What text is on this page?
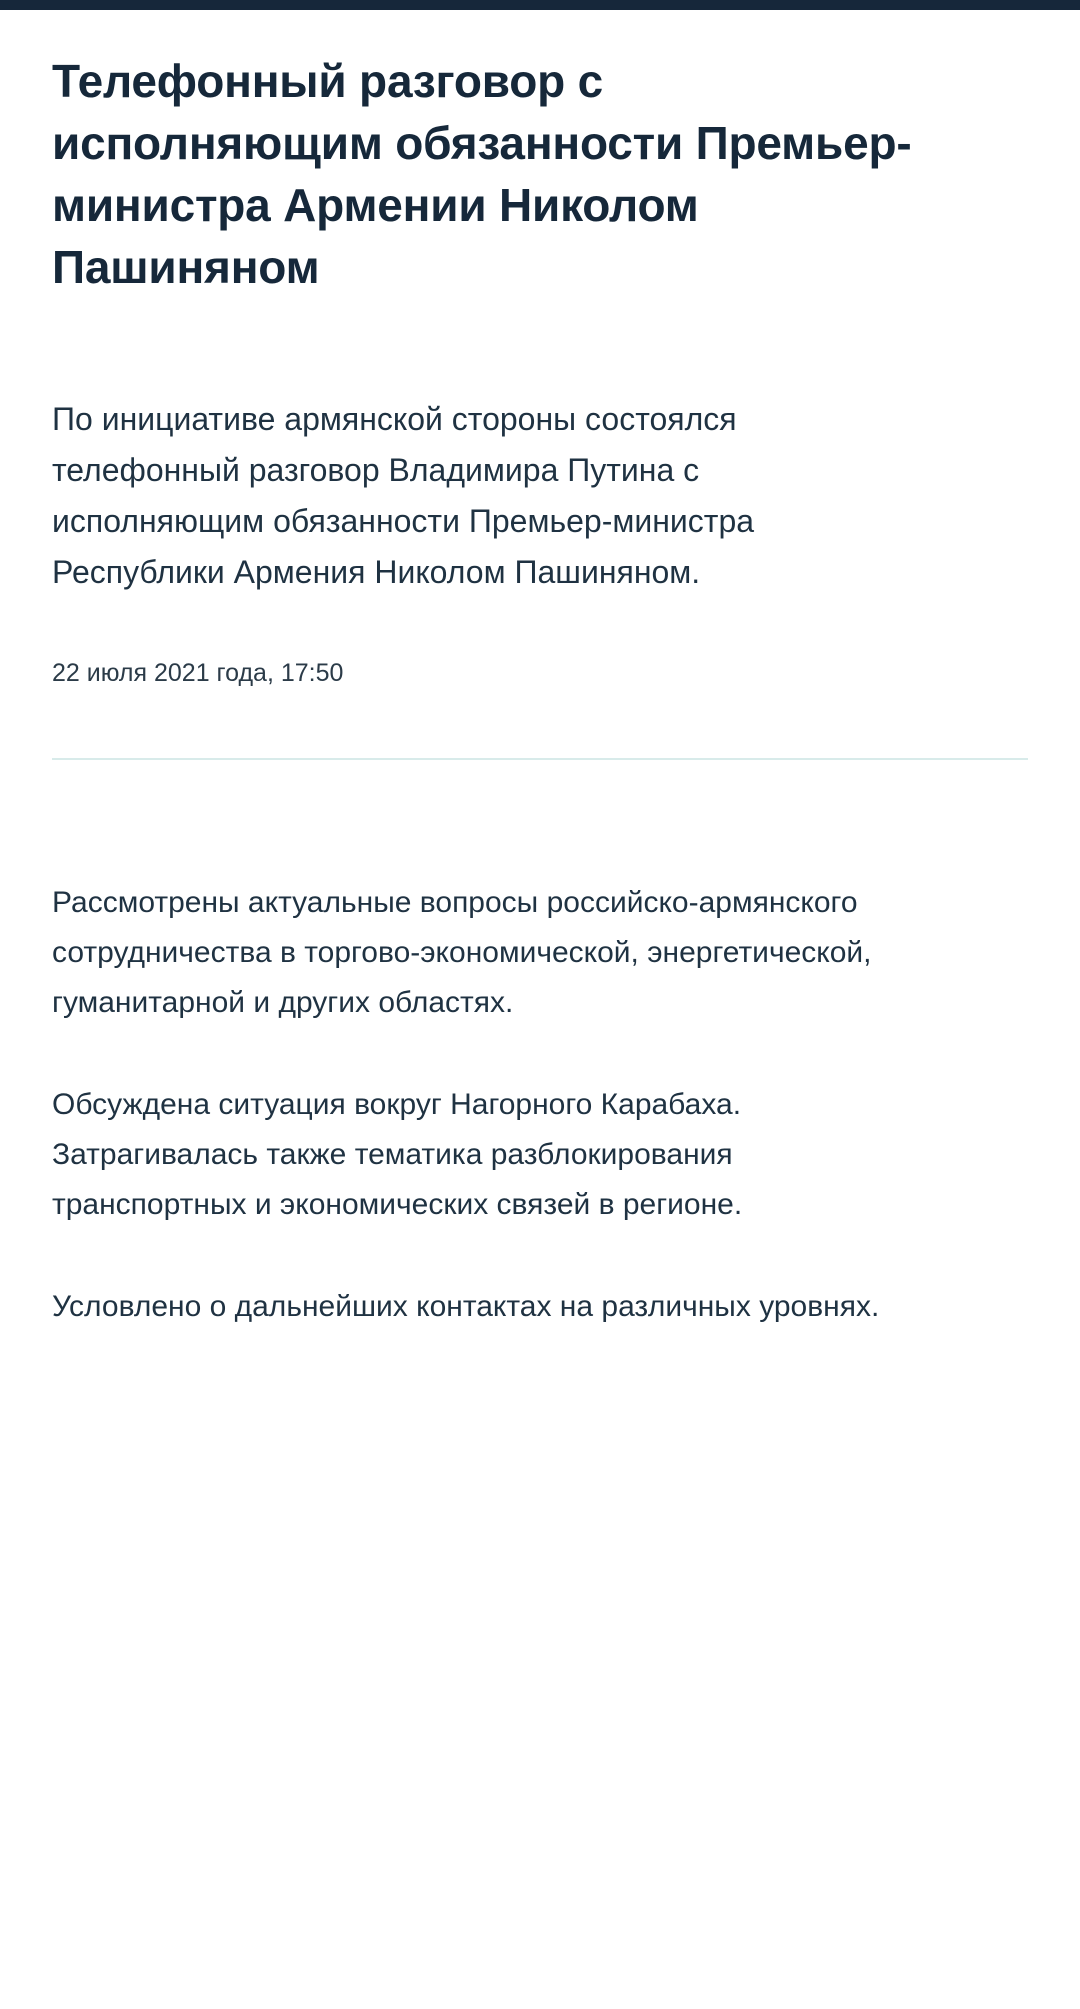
Телефонный разговор с исполняющим обязанности Премьер-министра Армении Николом Пашиняном

По инициативе армянской стороны состоялся телефонный разговор Владимира Путина с исполняющим обязанности Премьер-министра Республики Армения Николом Пашиняном.

22 июля 2021 года, 17:50

Рассмотрены актуальные вопросы российско-армянского сотрудничества в торгово-экономической, энергетической, гуманитарной и других областях.

Обсуждена ситуация вокруг Нагорного Карабаха. Затрагивалась также тематика разблокирования транспортных и экономических связей в регионе.

Условлено о дальнейших контактах на различных уровнях.
